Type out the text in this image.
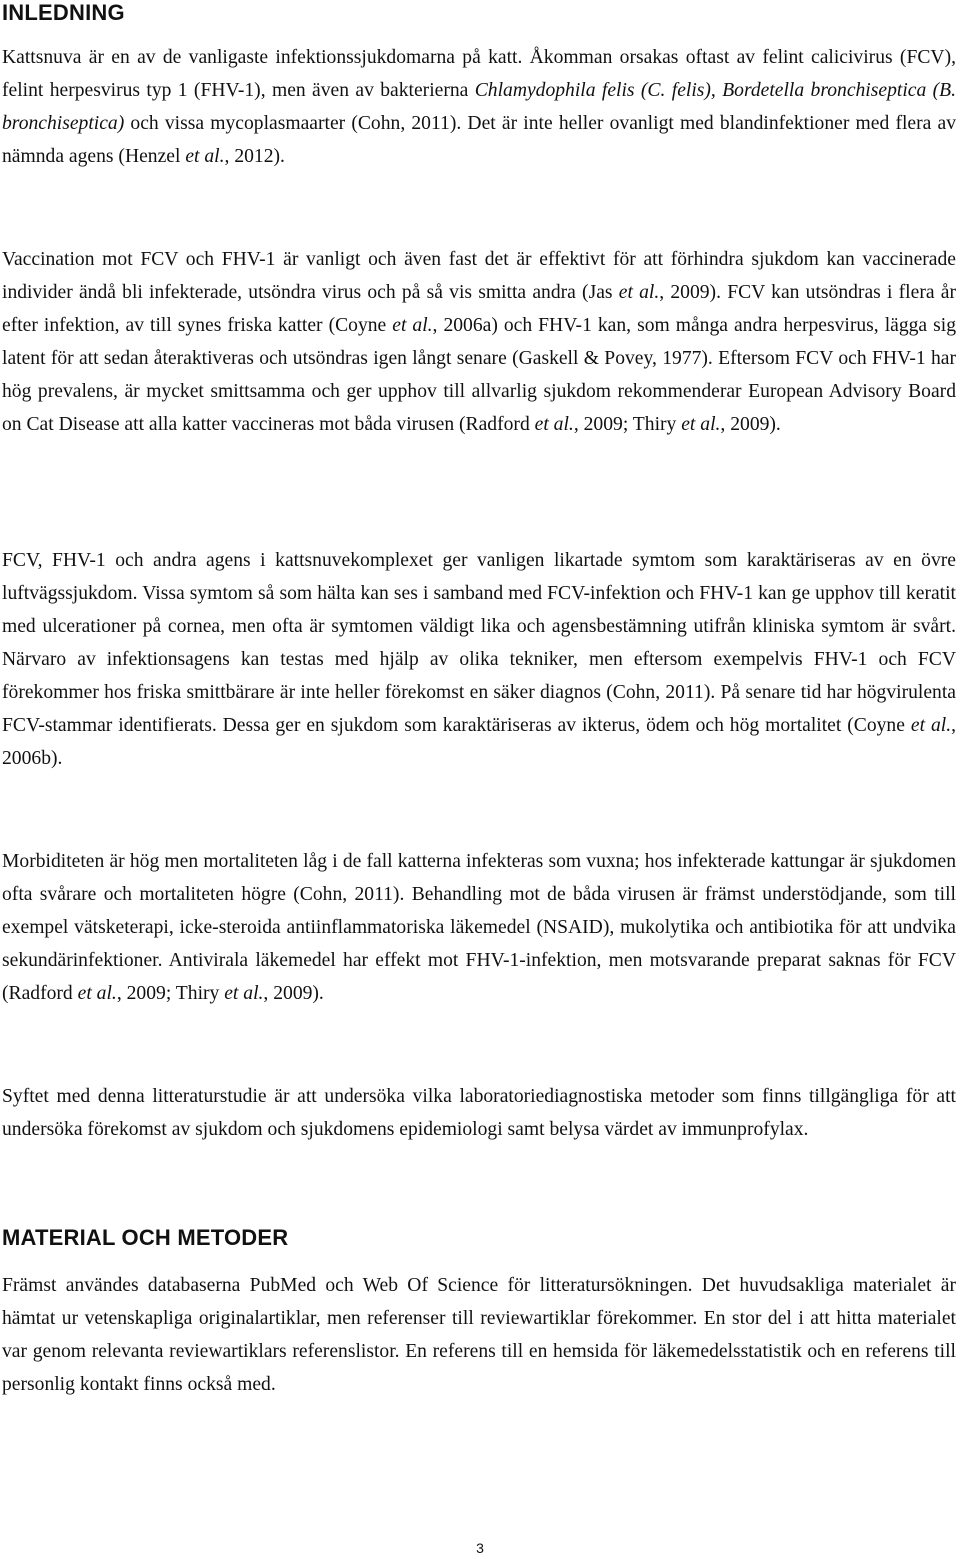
INLEDNING

Kattsnuva är en av de vanligaste infektionssjukdomarna på katt. Åkomman orsakas oftast av felint calicivirus (FCV), felint herpesvirus typ 1 (FHV-1), men även av bakterierna Chlamydophila felis (C. felis), Bordetella bronchiseptica (B. bronchiseptica) och vissa mycoplasmaarter (Cohn, 2011). Det är inte heller ovanligt med blandinfektioner med flera av nämnda agens (Henzel et al., 2012).

Vaccination mot FCV och FHV-1 är vanligt och även fast det är effektivt för att förhindra sjukdom kan vaccinerade individer ändå bli infekterade, utsöndra virus och på så vis smitta andra (Jas et al., 2009). FCV kan utsöndras i flera år efter infektion, av till synes friska katter (Coyne et al., 2006a) och FHV-1 kan, som många andra herpesvirus, lägga sig latent för att sedan återaktiveras och utsöndras igen långt senare (Gaskell & Povey, 1977). Eftersom FCV och FHV-1 har hög prevalens, är mycket smittsamma och ger upphov till allvarlig sjukdom rekommenderar European Advisory Board on Cat Disease att alla katter vaccineras mot båda virusen (Radford et al., 2009; Thiry et al., 2009).

FCV, FHV-1 och andra agens i kattsnuvekomplexet ger vanligen likartade symtom som karaktäriseras av en övre luftvägssjukdom. Vissa symtom så som hälta kan ses i samband med FCV-infektion och FHV-1 kan ge upphov till keratit med ulcerationer på cornea, men ofta är symtomen väldigt lika och agensbestämning utifrån kliniska symtom är svårt. Närvaro av infektionsagens kan testas med hjälp av olika tekniker, men eftersom exempelvis FHV-1 och FCV förekommer hos friska smittbärare är inte heller förekomst en säker diagnos (Cohn, 2011). På senare tid har högvirulenta FCV-stammar identifierats. Dessa ger en sjukdom som karaktäriseras av ikterus, ödem och hög mortalitet (Coyne et al., 2006b).

Morbiditeten är hög men mortaliteten låg i de fall katterna infekteras som vuxna; hos infekterade kattungar är sjukdomen ofta svårare och mortaliteten högre (Cohn, 2011). Behandling mot de båda virusen är främst understödjande, som till exempel vätsketerapi, icke-steroida antiinflammatoriska läkemedel (NSAID), mukolytika och antibiotika för att undvika sekundärinfektioner. Antivirala läkemedel har effekt mot FHV-1-infektion, men motsvarande preparat saknas för FCV (Radford et al., 2009; Thiry et al., 2009).

Syftet med denna litteraturstudie är att undersöka vilka laboratoriediagnostiska metoder som finns tillgängliga för att undersöka förekomst av sjukdom och sjukdomens epidemiologi samt belysa värdet av immunprofylax.

MATERIAL OCH METODER

Främst användes databaserna PubMed och Web Of Science för litteratursökningen. Det huvudsakliga materialet är hämtat ur vetenskapliga originalartiklar, men referenser till reviewartiklar förekommer. En stor del i att hitta materialet var genom relevanta reviewartiklars referenslistor. En referens till en hemsida för läkemedelsstatistik och en referens till personlig kontakt finns också med.

3
